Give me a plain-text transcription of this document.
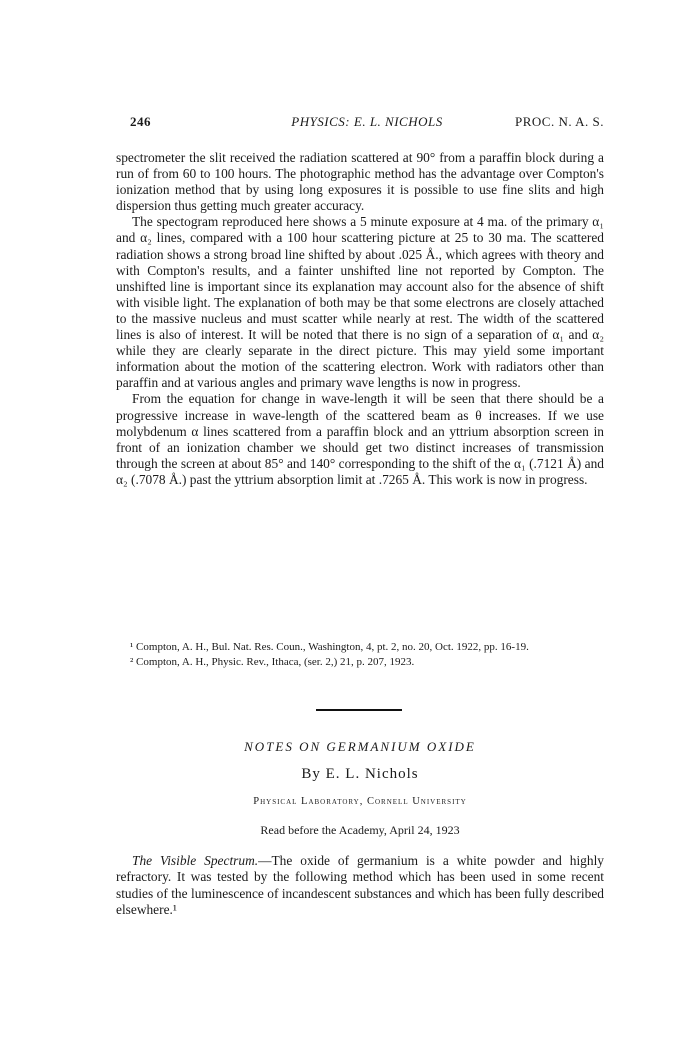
246	PHYSICS: E. L. NICHOLS	PROC. N. A. S.

spectrometer the slit received the radiation scattered at 90° from a paraffin block during a run of from 60 to 100 hours. The photographic method has the advantage over Compton's ionization method that by using long exposures it is possible to use fine slits and high dispersion thus getting much greater accuracy.

The spectogram reproduced here shows a 5 minute exposure at 4 ma. of the primary α₁ and α₂ lines, compared with a 100 hour scattering picture at 25 to 30 ma. The scattered radiation shows a strong broad line shifted by about .025 Å., which agrees with theory and with Compton's results, and a fainter unshifted line not reported by Compton. The unshifted line is important since its explanation may account also for the absence of shift with visible light. The explanation of both may be that some electrons are closely attached to the massive nucleus and must scatter while nearly at rest. The width of the scattered lines is also of interest. It will be noted that there is no sign of a separation of α₁ and α₂ while they are clearly separate in the direct picture. This may yield some important information about the motion of the scattering electron. Work with radiators other than paraffin and at various angles and primary wave lengths is now in progress.

From the equation for change in wave-length it will be seen that there should be a progressive increase in wave-length of the scattered beam as θ increases. If we use molybdenum α lines scattered from a paraffin block and an yttrium absorption screen in front of an ionization chamber we should get two distinct increases of transmission through the screen at about 85° and 140° corresponding to the shift of the α₁ (.7121 Å) and α₂ (.7078 Å.) past the yttrium absorption limit at .7265 Å. This work is now in progress.

¹ Compton, A. H., Bul. Nat. Res. Coun., Washington, 4, pt. 2, no. 20, Oct. 1922, pp. 16-19.

² Compton, A. H., Physic. Rev., Ithaca, (ser. 2,) 21, p. 207, 1923.

NOTES ON GERMANIUM OXIDE
By E. L. Nichols
Physical Laboratory, Cornell University
Read before the Academy, April 24, 1923

The Visible Spectrum.—The oxide of germanium is a white powder and highly refractory. It was tested by the following method which has been used in some recent studies of the luminescence of incandescent substances and which has been fully described elsewhere.¹
